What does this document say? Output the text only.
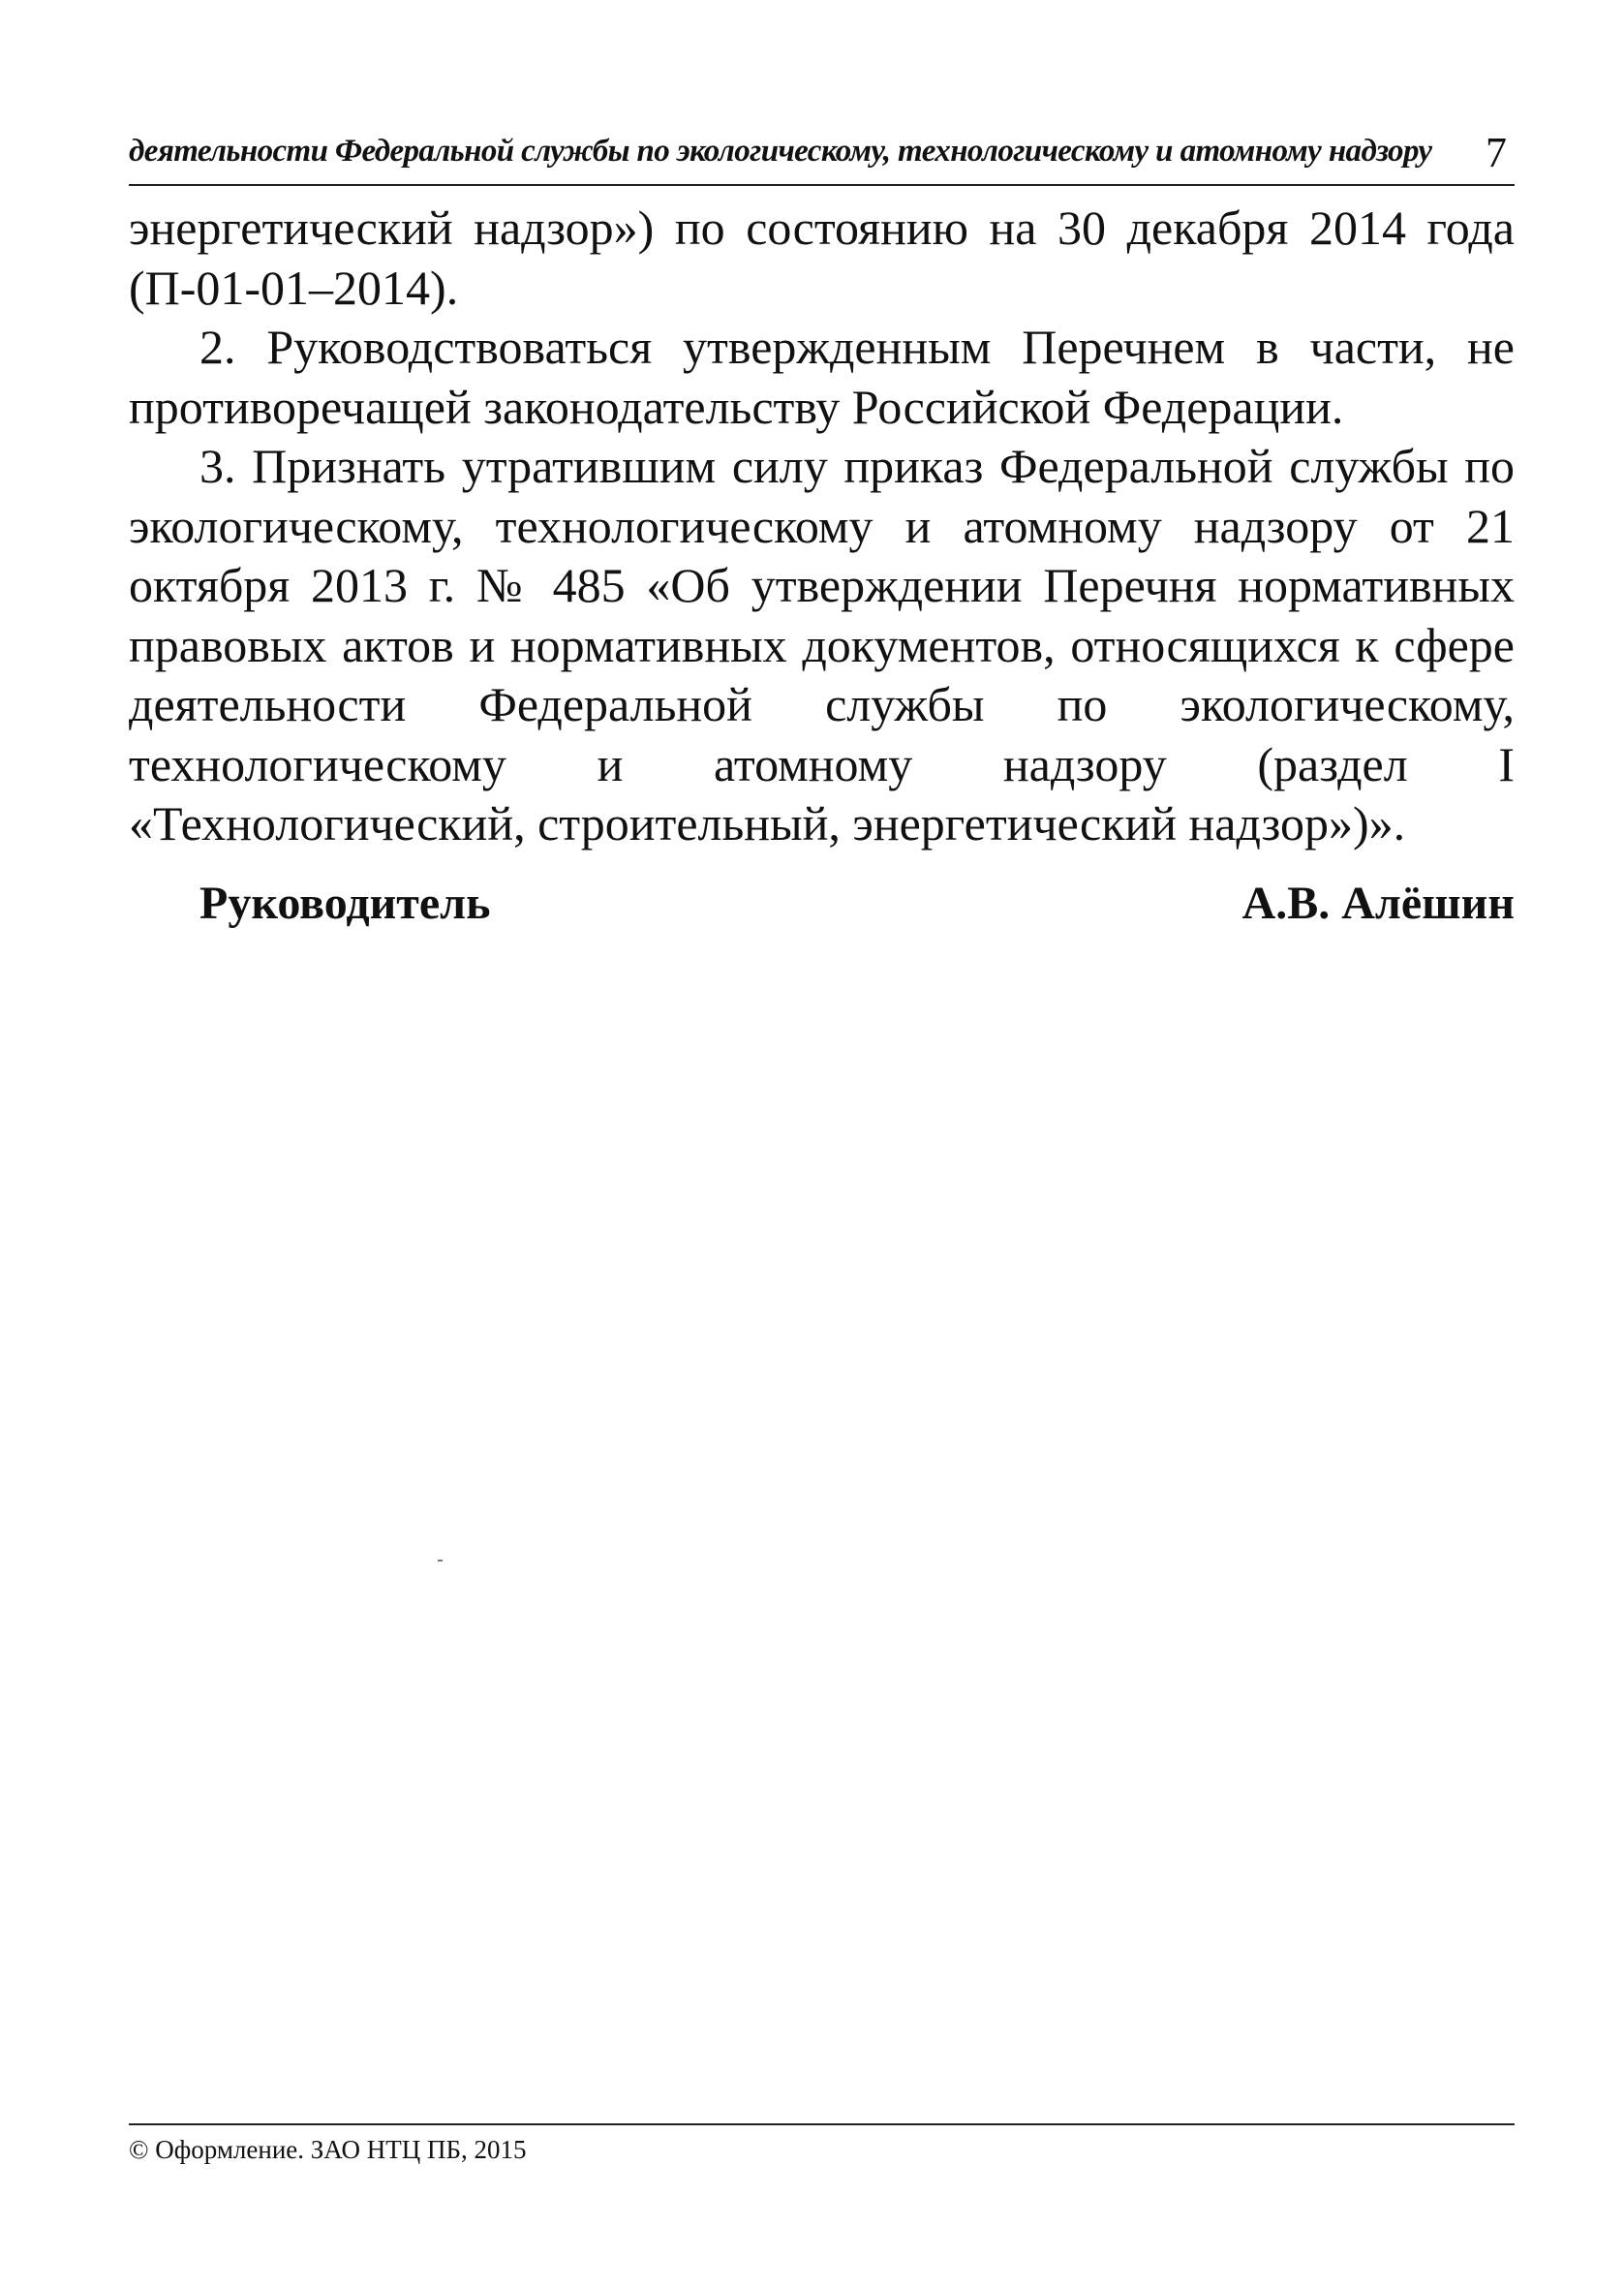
деятельности Федеральной службы по экологическому, технологическому и атомному надзору 7

энергетический надзор») по состоянию на 30 декабря 2014 года (П-01-01–2014).

2. Руководствоваться утвержденным Перечнем в части, не противоречащей законодательству Российской Федерации.

3. Признать утратившим силу приказ Федеральной службы по экологическому, технологическому и атомному надзору от 21 октября 2013 г. № 485 «Об утверждении Перечня нормативных правовых актов и нормативных документов, относящихся к сфере деятельности Федеральной службы по экологическому, технологическому и атомному надзору (раздел I «Технологический, строительный, энергетический надзор»)».

Руководитель	А.В. Алёшин
© Оформление. ЗАО НТЦ ПБ, 2015
